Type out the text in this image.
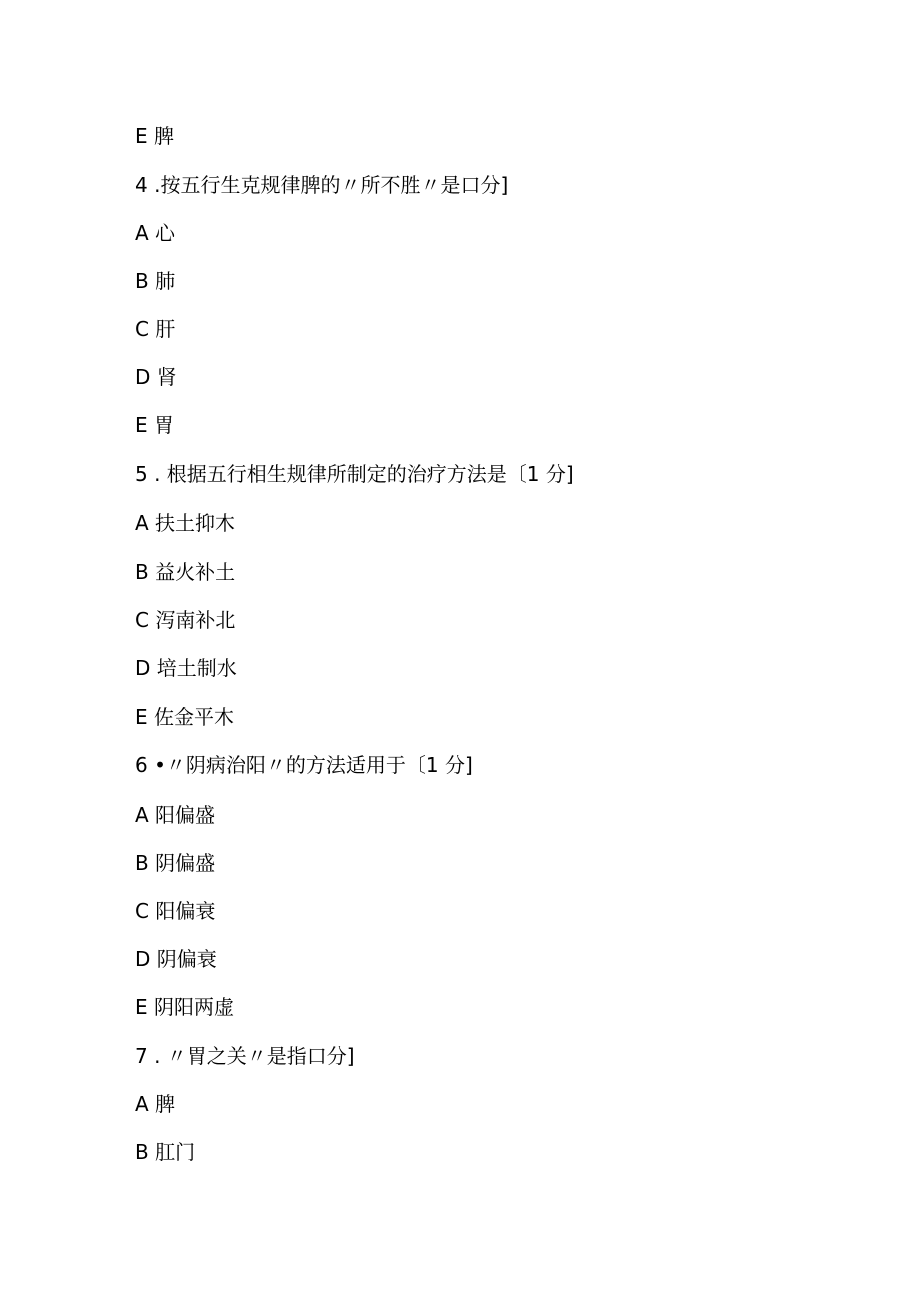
E 脾
4 .按五行生克规律脾的〃所不胜〃是口分]
A 心
B 肺
C 肝
D 肾
E 胃
5 . 根据五行相生规律所制定的治疗方法是〔1 分]
A 扶土抑木
B 益火补土
C 泻南补北
D 培土制水
E 佐金平木
6 •〃阴病治阳〃的方法适用于〔1 分]
A 阳偏盛
B 阴偏盛
C 阳偏衰
D 阴偏衰
E 阴阳两虚
7 . 〃胃之关〃是指口分]
A 脾
B 肛门
